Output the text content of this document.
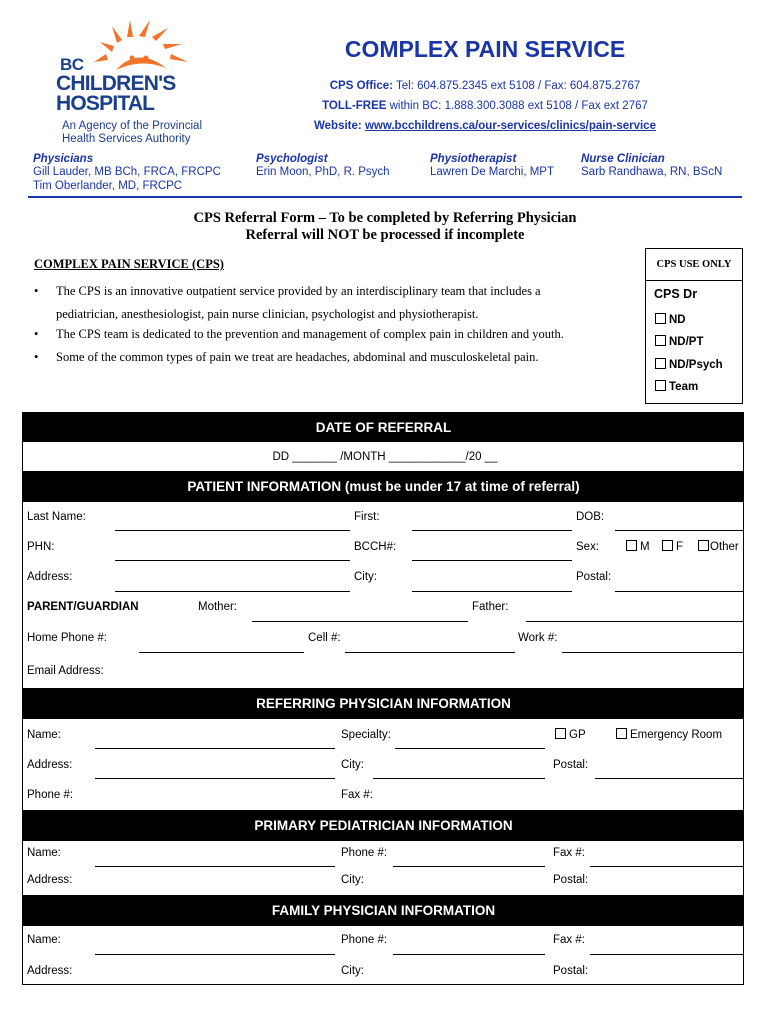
BC
CHILDREN'S
HOSPITAL
An Agency of the Provincial
Health Services Authority
COMPLEX PAIN SERVICE
CPS Office: Tel: 604.875.2345 ext 5108 / Fax: 604.875.2767
TOLL-FREE within BC: 1.888.300.3088 ext 5108 / Fax ext 2767
Website: www.bcchildrens.ca/our-services/clinics/pain-service
Physicians
Gill Lauder, MB BCh, FRCA, FRCPC
Tim Oberlander, MD, FRCPC
Psychologist
Erin Moon, PhD, R. Psych
Physiotherapist
Lawren De Marchi, MPT
Nurse Clinician
Sarb Randhawa, RN, BScN
CPS Referral Form – To be completed by Referring Physician
Referral will NOT be processed if incomplete
COMPLEX PAIN SERVICE (CPS)
• The CPS is an innovative outpatient service provided by an interdisciplinary team that includes a
pediatrician, anesthesiologist, pain nurse clinician, psychologist and physiotherapist.
• The CPS team is dedicated to the prevention and management of complex pain in children and youth.
• Some of the common types of pain we treat are headaches, abdominal and musculoskeletal pain.
CPS USE ONLY
CPS Dr
ND
ND/PT
ND/Psych
Team
DATE OF REFERRAL
DD _______ /MONTH ____________/20 __
PATIENT INFORMATION (must be under 17 at time of referral)
Last Name:	First:	DOB:
PHN:	BCCH#:	Sex:	M	F	Other
Address:	City:	Postal:
PARENT/GUARDIAN	Mother:	Father:
Home Phone #:	Cell #:	Work #:
Email Address:
REFERRING PHYSICIAN INFORMATION
Name:	Specialty:	GP	Emergency Room
Address:	City:	Postal:
Phone #:	Fax #:
PRIMARY PEDIATRICIAN INFORMATION
Name:	Phone #:	Fax #:
Address:	City:	Postal:
FAMILY PHYSICIAN INFORMATION
Name:	Phone #:	Fax #:
Address:	City:	Postal:
